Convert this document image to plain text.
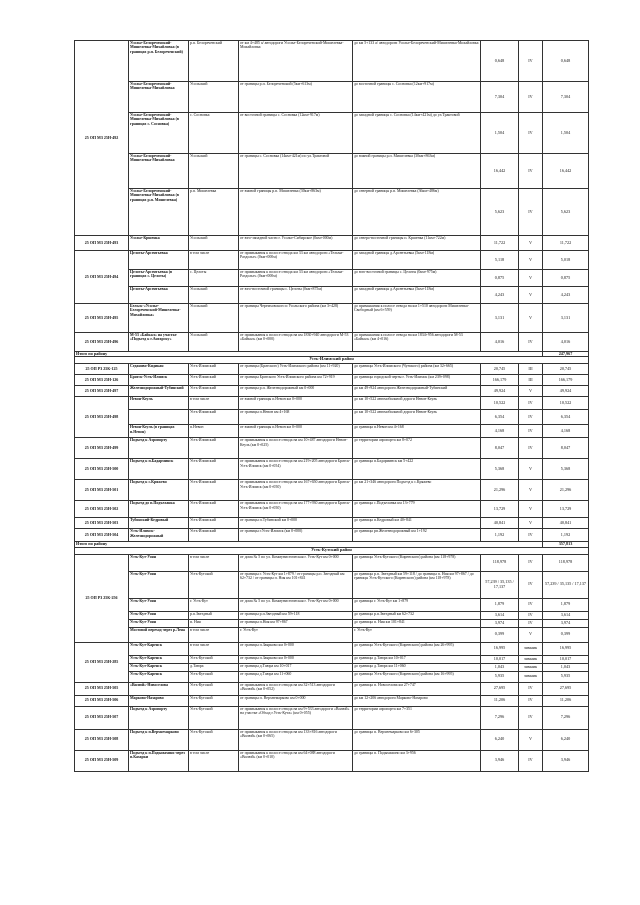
25 ОП МЗ 25Н-492	Усолье-Белореченский-Мишелевка-Михайловка (в границах р.п. Белореченский)	р.п. Белореченский	от км 4+485 а/ автодороги Усолье-Белореченский-Мишелевка-Михайловка	до км 5+133 а/ автодороги Усолье-Белореченский-Мишелевка-Михайловка	0,648	IV	0,648
	Усолье-Белореченский-Мишелевка-Михайловка	Усольский	от границы р.п. Белореченский (5км+613м)	до восточной границы с. Сосновка (12км+917м)	7,304	IV	7,304
	Усолье-Белореченский-Мишелевка-Михайловка (в границах с. Сосновка)	с. Сосновка	от восточной границы с. Сосновка (12км+917м)	до западной границы с. Сосновка (14км+421м) до ул.Трактовой	1,504	IV	1,504
	Усолье-Белореченский-Мишелевка-Михайловка	Усольский	от границы с. Сосновка (14км+421м) по ул.Трактовой	до южной границы р.п. Мишелевка (30км+863м)	16,442	IV	16,442
	Усолье-Белореченский-Мишелевка-Михайловка (в границах р.п. Мишелевка)	р.п. Мишелевка	от южной границы р.п. Мишелевка (30км+863м)	до северной границы р.п. Мишелевка (36км+486м)	5,623	IV	5,623
25 ОП МЗ 25Н-493	Усолье-Кршенка	Усольский	от юго-западной части г. Усолье-Сибирское (0км+000м)	до северо-восточной границы п. Кршенка (11км+722м)	11,722	V	11,722
25 ОП МЗ 25Н-494	Целоты-Арсентьевка	в том числе	от примыкания к полосе отвода км 33 км автодороги «Тельма-Раздолье» (0км+000м)	до западной границы д.Арсентьевка (5км+118м)	5,118	V	5,018
	Целоты-Арсентьевка (в границах с. Целоты)	с. Целоты	от примыкания к полосе отвода км 33 км автодороги «Тельма-Раздолье» (0км+000м)	до юго-восточной границы с. Целоты (0км+975м)	0,875	V	0,875
	Целоты-Арсентьевка	Усольский	от юго-восточной границы с. Целоты (0км+875м)	до западной границы д.Арсентьевка (5км+118м)	4,243	V	4,243
25 ОП МЗ 25Н-495	Бельск-«Усолье-Белореченский-Мишелевка-Михайловка»	Усольский	от границы Черемховского и Усольского района (км 3+428)	до примыкания к полосе отвода на км 1+510 автодороги Мишелевка-Свободный (км 6+559)	3,131	V	3,131
25 ОП МЗ 25Н-496	М-53 «Байкал» на участке «Подъезд к г.Ангарску»	Усольский	от примыкания к полосе отвода на км 1830+940 автодороги М-53 «Байкал» (км 0+000)	до примыкания к полосе отвода на км 1834+956 автодороги М-53 «Байкал» (км 4+016)	4,016	IV	4,016
Итого по району							247,967
Усть-Илимский район							
25 ОП РЗ 25К-125	Седаново-Кидикан	Усть-Илимский	от границы (Братского) Усть-Илимского района (км 11+920)	до границы Усть-Илимского (Чунского) района (км 32+665)	20,745	III	20,745
25 ОП МЗ 25Н-126	Братск-Усть-Илимск	Усть-Илимский	от границы Братского Усть-Илимского района км 72+919	до границы городской черты г. Усть-Илимск (км 239+098)	166,179	III	166,179
25 ОП МЗ 25Н-497	Железнодорожный-Тубинский	Усть-Илимский	от границы р.п. Железнодорожный км 0+000	до км 49+924 автодороги Железнодорожный-Тубинский	49,924	V	49,924
25 ОП МЗ 25Н-498	Невон-Кеуль	в том числе	от южной границы п.Невон км 0+000	до км 10+522 автомобильной дороги Невон-Кеуль	10,522	IV	10,522
		Усть-Илимский	от границы п.Невон км 4+168	до км 10+522 автомобильной дороги Невон-Кеуль	6,354	IV	6,354
	Невон-Кеуль (в границах п.Невон)	п.Невон	от южной границы п.Невон км 0+000	до границы п.Невон км 4+168	4,168	IV	4,168
25 ОП МЗ 25Н-499	Подъезд к Аэропорту	Усть-Илимский	от примыкания к полосе отвода на км 10+487 автодороги Невон-Кеуль (км 0+025)	до территории аэропорта км 8+072	8,047	IV	8,047
25 ОП МЗ 25Н-500	Подъезд к п.Бадарминск	Усть-Илимский	от примыкания к полосе отвода на км 219+205 автодороги Братск-Усть-Илимск (км 0+054)	до границы п.Бадарминск км 5+422	5,368	V	5,368
25 ОП МЗ 25Н-501	Подъезд к с.Кряжево	Усть-Илимский	от примыкания к полосе отвода на км 167+650 автодороги Братск-Усть-Илимск (км 0+050)	до км 21+346 автодороги Подъезд к с.Кряжево	21,296	V	21,296
25 ОП МЗ 25Н-502	Подъезд до п.Подъеланка	Усть-Илимский	от примыкания к полосе отвода на км 177+930 автодороги Братск-Усть-Илимск (км 0+050)	до границы с.Подъеланка км 13+779	13,729	V	13,729
25 ОП МЗ 25Н-503	Тубинский-Кедровый	Усть-Илимский	от границы п.Тубинский км 0+000	до границы п.Кедровый км 40+841	40,841	V	40,841
25 ОП МЗ 25Н-504	Усть-Илимск-Железнодорожный	Усть-Илимский	от границы г.Усть-Илимск (км 0+000)	до границы рп.Железнодорожный км 1+192	1,192	IV	1,192
Итого по району							357,813
Усть-Кутский район							
25 ОП РЗ 25К-256	Усть-Кут-Уоян	в том числе	от дома № 5 по ул. Коммунистическая г. Усть-Кут км 0+000	до границы Усть-Кутского (Киренского) района (км 118+978)	118,978	IV	118,978
	Усть-Кут-Уоян	Усть-Кутский	от границы г. Усть-Кут км 1+879 / от границы р.п. Звездный км 62+732 / от границы п. Ния км 101+841	до границы р.п. Звездный км 59+118 / до границы п. Ния км 97+867 / до границы Усть-Кутского (Киренского) района (км 118+978)	57,239 / 35,135 / 17,137	IV	57,239 / 35,135 / 17,137
	Усть-Кут-Уоян	г. Усть-Кут	от дома № 5 по ул. Коммунистическая г. Усть-Кут км 0+000	до границы г. Усть-Кут км 1+879	1,879	IV	1,879
	Усть-Кут-Уоян	р.п.Звездный	от границы р.п.Звездный км 59+118	до границы р.п.Звездный км 62+732	3,614	IV	3,614
	Усть-Кут-Уоян	п. Ния	от границы п.Ния км 97+867	до границы п. Ния км 101+841	3,974	IV	3,974
	Мостовой переход через р.Лена	в том числе	г. Усть-Кут	г. Усть-Кут	0,399	V	0,399
25 ОП МЗ 25Н-285	Усть-Кут-Каренск	в том числе	от границы п.Заярково км 0+000	до границы Усть-Кутского (Киренского) района (км 26+995)	16,995	зимник	16,995
	Усть-Кут-Каренск	Усть-Кутский	от границы п.Заярково км 0+000	до границы д.Таюра км 10+017	10,017	зимник	10,017
	Усть-Кут-Каренск	д.Таюра	от границы д.Таюра км 10+017	до границы д.Таюра км 11+060	1,043	зимник	1,043
	Усть-Кут-Каренск	Усть-Кутский	от границы д.Таюра км 11+060	до границы Усть-Кутского (Киренского) района (км 16+995)	5,935	зимник	5,935
25 ОП МЗ 25Н-505	«Вилюй»-Новоселова	Усть-Кутский	от примыкания к полосе отвода на км 32+513 автодороги «Вилюй» (км 0+052)	до границы п. Новоселова км 27+747	27,695	IV	27,695
25 ОП МЗ 25Н-506	Марково-Назарово	Усть-Кутский	от границы п. Верхнемарково км 0+000	до км 12+206 автодороги Марково-Назарово	11,206	IV	11,206
25 ОП МЗ 25Н-507	Подъезд к Аэропорту	Усть-Кутский	от примыкания к полосе отвода на км 9+533 автодороги «Вилюй» на участке «Обход г.Усть-Кута» (км 0+055)	до территории аэропорта км 7+351	7,296	IV	7,296
25 ОП МЗ 25Н-508	Подъезд к п.Верхнемарково	Усть-Кутский	от примыкания к полосе отвода на км 133+816 автодороги «Вилюй» (км 0+065)	до границы п. Верхнемарково км 6+305	6,240	V	6,240
25 ОП МЗ 25Н-509	Подъезд к п.Подымахино через п.Казарки	в том числе	от примыкания к полосе отвода на км 64+088 автодороги «Вилюй» (км 0+010)	до границы п. Подымахино км 3+956	3,946	IV	3,946
